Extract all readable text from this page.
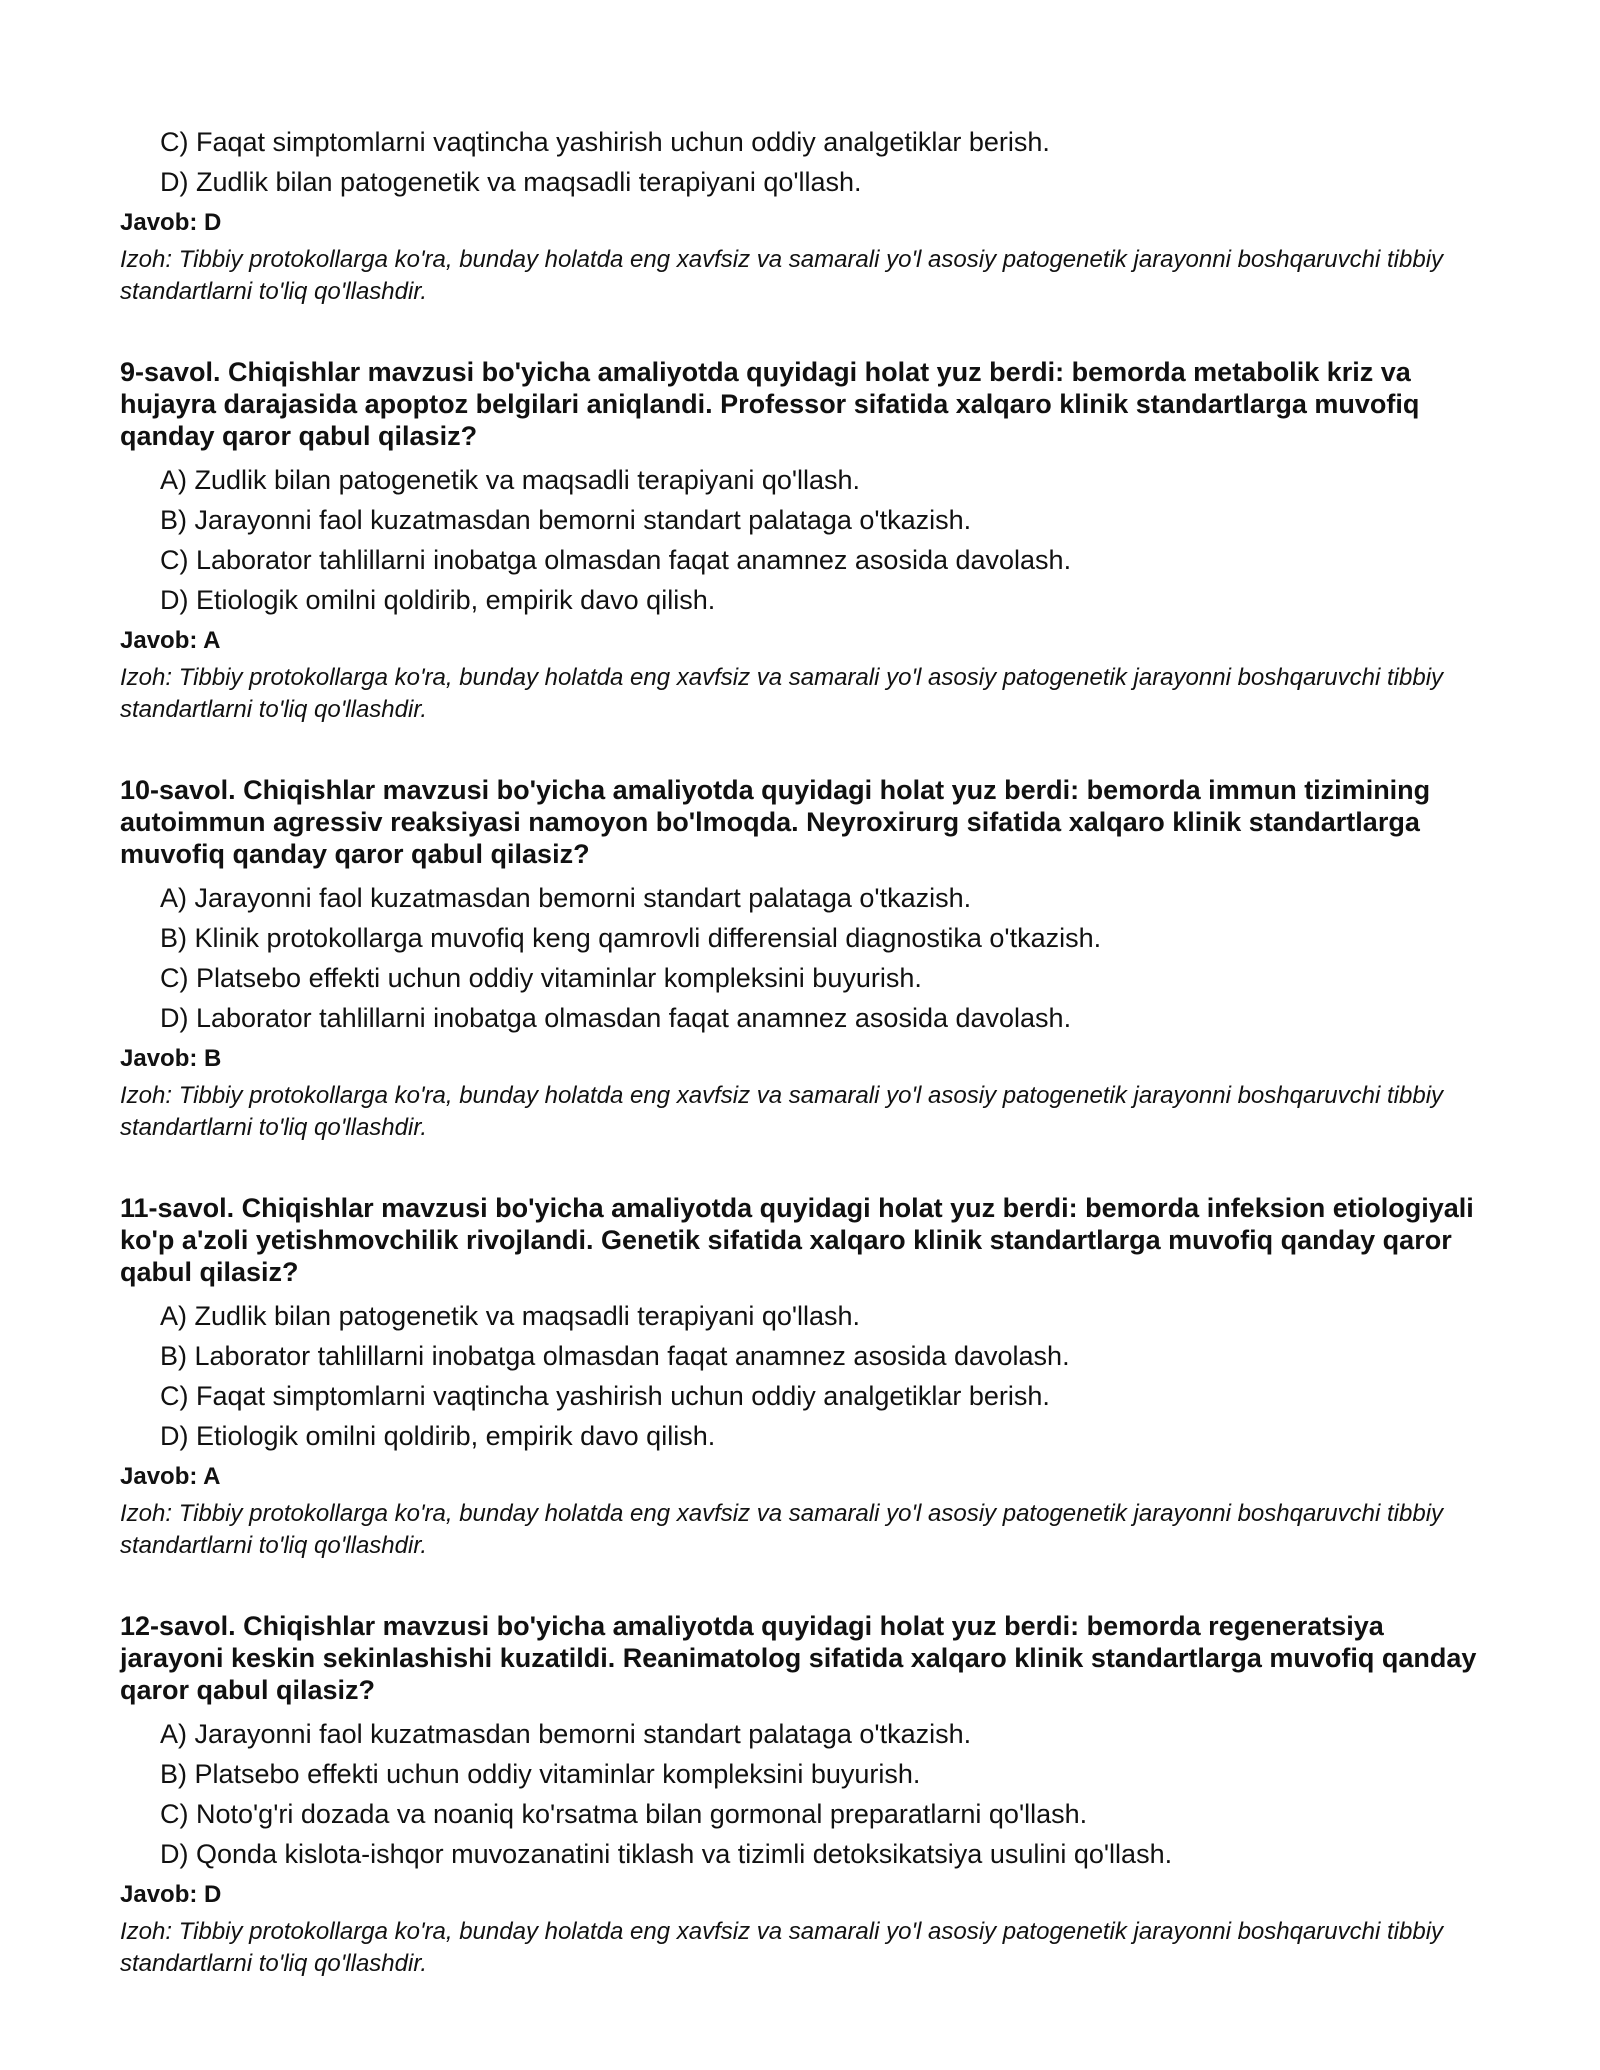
C) Faqat simptomlarni vaqtincha yashirish uchun oddiy analgetiklar berish.
D) Zudlik bilan patogenetik va maqsadli terapiyani qo'llash.
Javob: D
Izoh: Tibbiy protokollarga ko'ra, bunday holatda eng xavfsiz va samarali yo'l asosiy patogenetik jarayonni boshqaruvchi tibbiy standartlarni to'liq qo'llashdir.
9-savol. Chiqishlar mavzusi bo'yicha amaliyotda quyidagi holat yuz berdi: bemorda metabolik kriz va hujayra darajasida apoptoz belgilari aniqlandi. Professor sifatida xalqaro klinik standartlarga muvofiq qanday qaror qabul qilasiz?
A) Zudlik bilan patogenetik va maqsadli terapiyani qo'llash.
B) Jarayonni faol kuzatmasdan bemorni standart palataga o'tkazish.
C) Laborator tahlillarni inobatga olmasdan faqat anamnez asosida davolash.
D) Etiologik omilni qoldirib, empirik davo qilish.
Javob: A
Izoh: Tibbiy protokollarga ko'ra, bunday holatda eng xavfsiz va samarali yo'l asosiy patogenetik jarayonni boshqaruvchi tibbiy standartlarni to'liq qo'llashdir.
10-savol. Chiqishlar mavzusi bo'yicha amaliyotda quyidagi holat yuz berdi: bemorda immun tizimining autoimmun agressiv reaksiyasi namoyon bo'lmoqda. Neyroxirurg sifatida xalqaro klinik standartlarga muvofiq qanday qaror qabul qilasiz?
A) Jarayonni faol kuzatmasdan bemorni standart palataga o'tkazish.
B) Klinik protokollarga muvofiq keng qamrovli differensial diagnostika o'tkazish.
C) Platsebo effekti uchun oddiy vitaminlar kompleksini buyurish.
D) Laborator tahlillarni inobatga olmasdan faqat anamnez asosida davolash.
Javob: B
Izoh: Tibbiy protokollarga ko'ra, bunday holatda eng xavfsiz va samarali yo'l asosiy patogenetik jarayonni boshqaruvchi tibbiy standartlarni to'liq qo'llashdir.
11-savol. Chiqishlar mavzusi bo'yicha amaliyotda quyidagi holat yuz berdi: bemorda infeksion etiologiyali ko'p a'zoli yetishmovchilik rivojlandi. Genetik sifatida xalqaro klinik standartlarga muvofiq qanday qaror qabul qilasiz?
A) Zudlik bilan patogenetik va maqsadli terapiyani qo'llash.
B) Laborator tahlillarni inobatga olmasdan faqat anamnez asosida davolash.
C) Faqat simptomlarni vaqtincha yashirish uchun oddiy analgetiklar berish.
D) Etiologik omilni qoldirib, empirik davo qilish.
Javob: A
Izoh: Tibbiy protokollarga ko'ra, bunday holatda eng xavfsiz va samarali yo'l asosiy patogenetik jarayonni boshqaruvchi tibbiy standartlarni to'liq qo'llashdir.
12-savol. Chiqishlar mavzusi bo'yicha amaliyotda quyidagi holat yuz berdi: bemorda regeneratsiya jarayoni keskin sekinlashishi kuzatildi. Reanimatolog sifatida xalqaro klinik standartlarga muvofiq qanday qaror qabul qilasiz?
A) Jarayonni faol kuzatmasdan bemorni standart palataga o'tkazish.
B) Platsebo effekti uchun oddiy vitaminlar kompleksini buyurish.
C) Noto'g'ri dozada va noaniq ko'rsatma bilan gormonal preparatlarni qo'llash.
D) Qonda kislota-ishqor muvozanatini tiklash va tizimli detoksikatsiya usulini qo'llash.
Javob: D
Izoh: Tibbiy protokollarga ko'ra, bunday holatda eng xavfsiz va samarali yo'l asosiy patogenetik jarayonni boshqaruvchi tibbiy standartlarni to'liq qo'llashdir.
